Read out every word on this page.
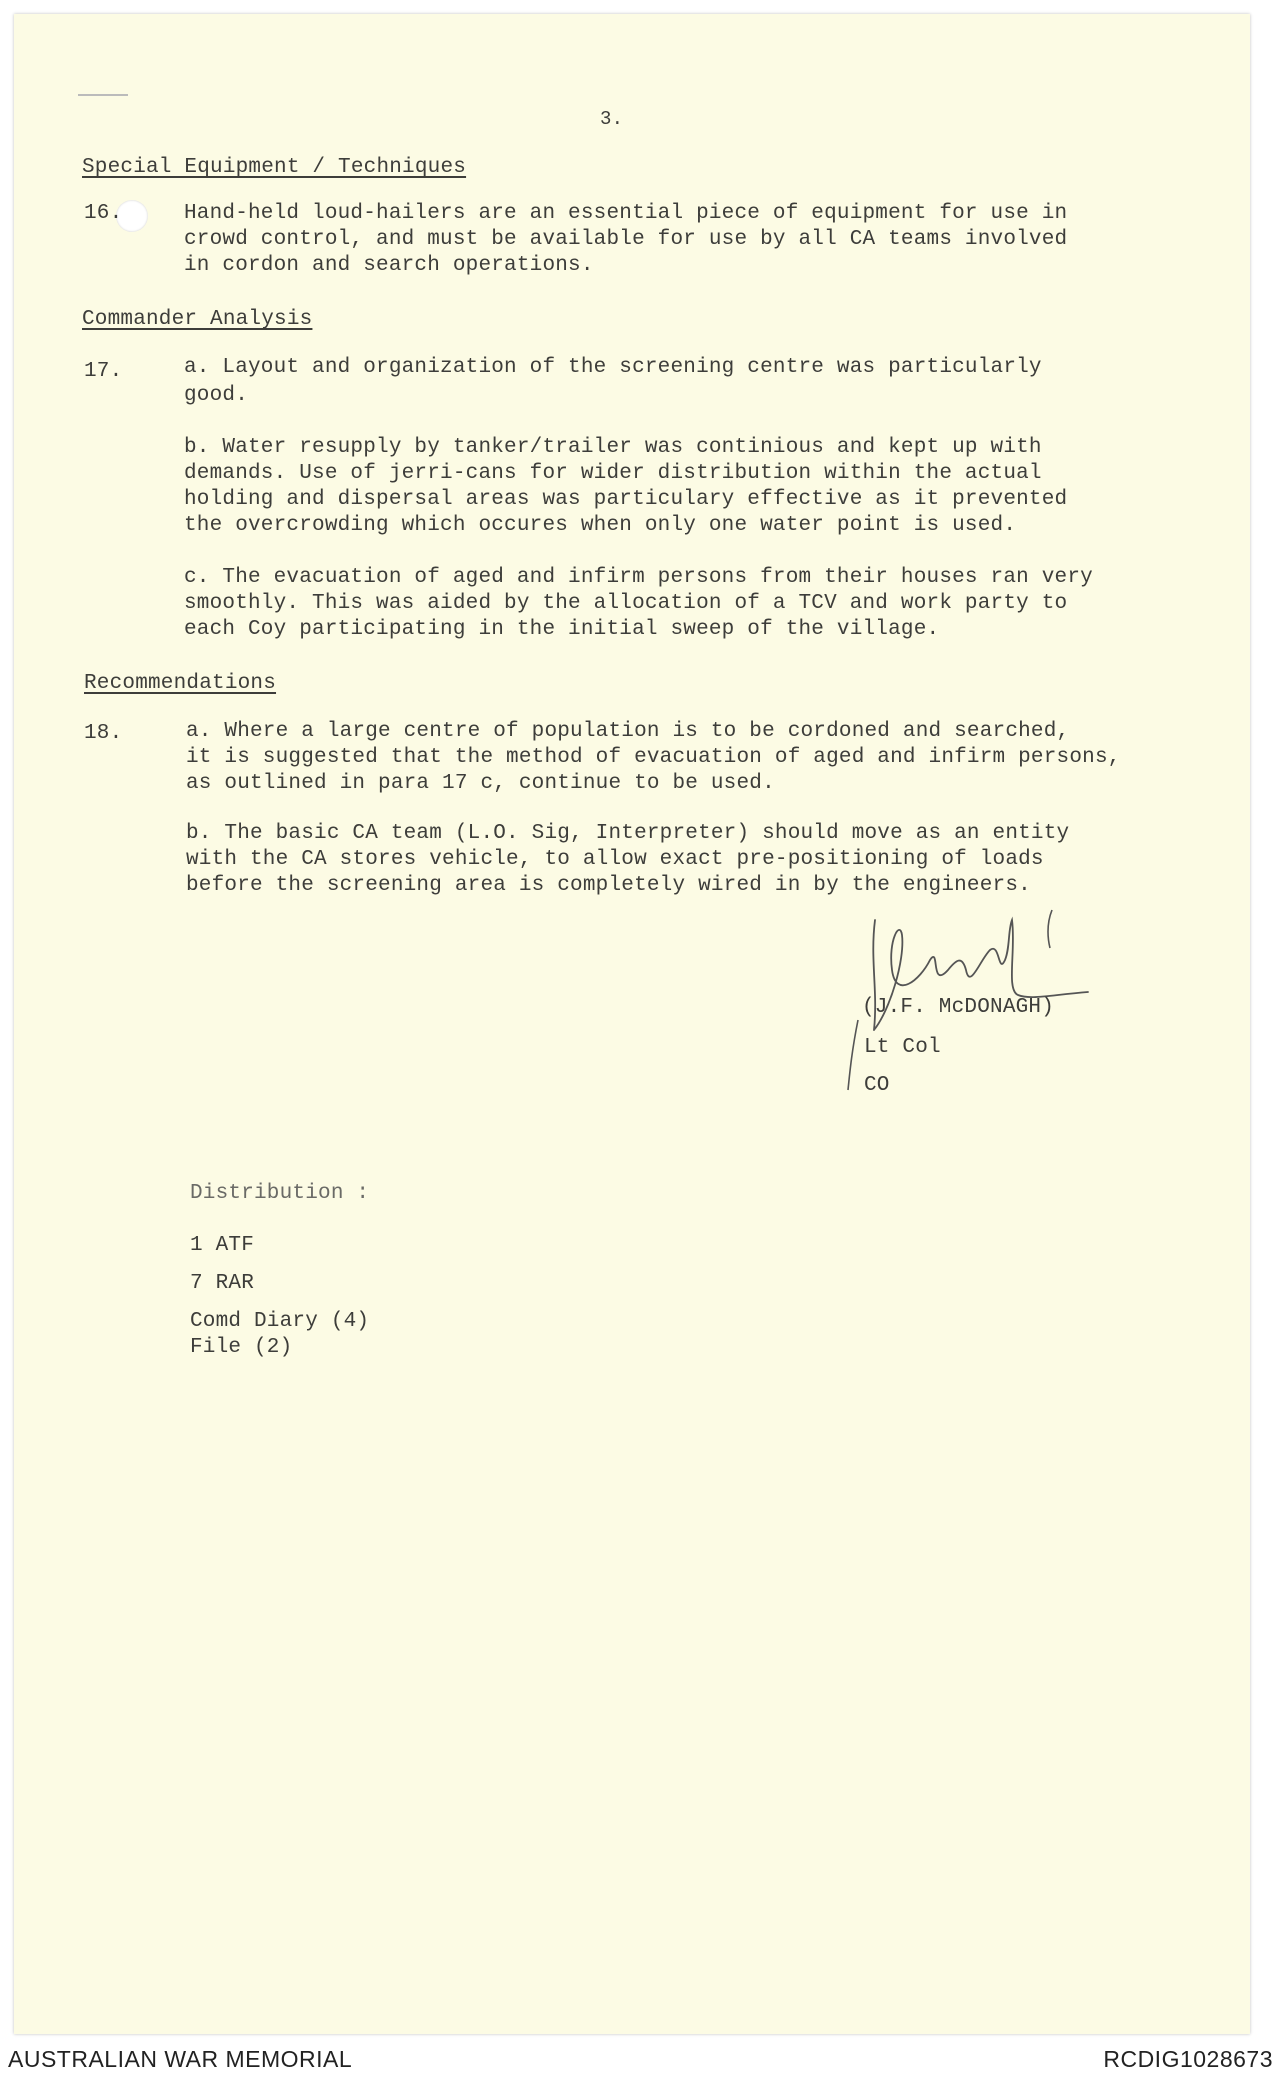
3.
Special Equipment / Techniques
16.	Hand-held loud-hailers are an essential piece of equipment for use in
crowd control, and must be available for use by all CA teams involved
in cordon and search operations.
Commander Analysis
17.	a. Layout and organization of the screening centre was particularly
good.
b. Water resupply by tanker/trailer was continious and kept up with
demands. Use of jerri-cans for wider distribution within the actual
holding and dispersal areas was particulary effective as it prevented
the overcrowding which occures when only one water point is used.
c. The evacuation of aged and infirm persons from their houses ran very
smoothly. This was aided by the allocation of a TCV and work party to
each Coy participating in the initial sweep of the village.
Recommendations
18.	a. Where a large centre of population is to be cordoned and searched,
it is suggested that the method of evacuation of aged and infirm persons,
as outlined in para 17 c, continue to be used.
b. The basic CA team (L.O. Sig, Interpreter) should move as an entity
with the CA stores vehicle, to allow exact pre-positioning of loads
before the screening area is completely wired in by the engineers.
(J.F. McDONAGH)
Lt Col
CO
Distribution :
1 ATF
7 RAR
Comd Diary (4)
File (2)
AUSTRALIAN WAR MEMORIAL	RCDIG1028673
